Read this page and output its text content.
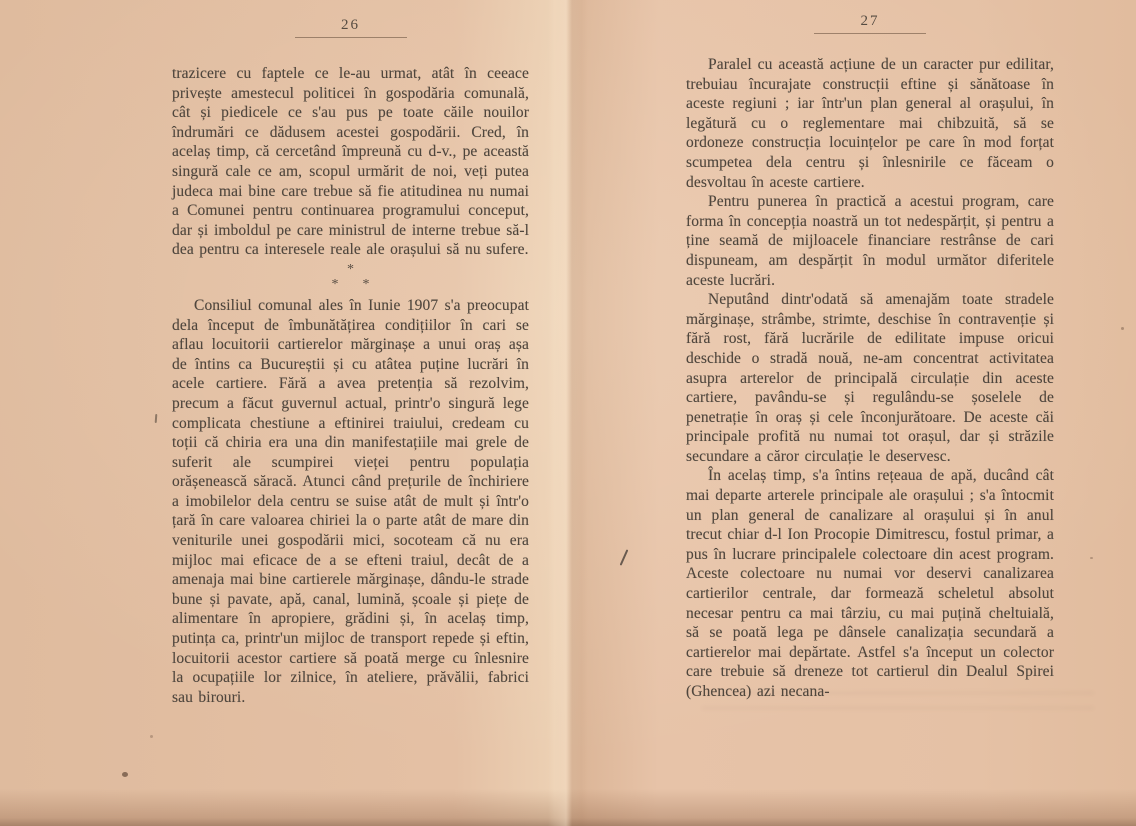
26

trazicere cu faptele ce le-au urmat, atât în ceeace privește amestecul politicei în gospodăria comunală, cât și piedicele ce s'au pus pe toate căile nouilor îndrumări ce dădusem acestei gospodării. Cred, în acelaș timp, că cercetând împreună cu d-v., pe această singură cale ce am, scopul urmărit de noi, veți putea judeca mai bine care trebue să fie atitudinea nu numai a Comunei pentru continuarea programului conceput, dar și imboldul pe care ministrul de interne trebue să-l dea pentru ca interesele reale ale orașului să nu sufere.

*
* *

Consiliul comunal ales în Iunie 1907 s'a preocupat dela început de îmbunătățirea condițiilor în cari se aflau locuitorii cartierelor mărginașe a unui oraș așa de întins ca Bucureștii și cu atâtea puține lucrări în acele cartiere. Fără a avea pretenția să rezolvim, precum a făcut guvernul actual, printr'o singură lege complicata chestiune a eftinirei traiului, credeam cu toții că chiria era una din manifestațiile mai grele de suferit ale scumpirei vieței pentru populația orășenească săracă. Atunci când prețurile de închiriere a imobilelor dela centru se suise atât de mult și într'o țară în care valoarea chiriei la o parte atât de mare din veniturile unei gospodării mici, socoteam că nu era mijloc mai eficace de a se efteni traiul, decât de a amenaja mai bine cartierele mărginașe, dându-le strade bune și pavate, apă, canal, lumină, școale și piețe de alimentare în apropiere, grădini și, în acelaș timp, putința ca, printr'un mijloc de transport repede și eftin, locuitorii acestor cartiere să poată merge cu înlesnire la ocupațiile lor zilnice, în ateliere, prăvălii, fabrici sau birouri.

27

Paralel cu această acțiune de un caracter pur edilitar, trebuiau încurajate construcții eftine și sănătoase în aceste regiuni ; iar într'un plan general al orașului, în legătură cu o reglementare mai chibzuită, să se ordoneze construcția locuințelor pe care în mod forțat scumpetea dela centru și înlesnirile ce făceam o desvoltau în aceste cartiere.

Pentru punerea în practică a acestui program, care forma în concepția noastră un tot nedespărțit, și pentru a ține seamă de mijloacele financiare restrânse de cari dispuneam, am despărțit în modul următor diferitele aceste lucrări.

Neputând dintr'odată să amenajăm toate stradele mărginașe, strâmbe, strimte, deschise în contravenție și fără rost, fără lucrările de edilitate impuse oricui deschide o stradă nouă, ne-am concentrat activitatea asupra arterelor de principală circulație din aceste cartiere, pavându-se și regulându-se șoselele de penetrație în oraș și cele înconjurătoare. De aceste căi principale profită nu numai tot orașul, dar și străzile secundare a căror circulație le deservesc.

În acelaș timp, s'a întins rețeaua de apă, ducând cât mai departe arterele principale ale orașului ; s'a întocmit un plan general de canalizare al orașului și în anul trecut chiar d-l Ion Procopie Dimitrescu, fostul primar, a pus în lucrare principalele colectoare din acest program. Aceste colectoare nu numai vor deservi canalizarea cartierilor centrale, dar formează scheletul absolut necesar pentru ca mai târziu, cu mai puțină cheltuială, să se poată lega pe dânsele canalizația secundară a cartierelor mai depărtate. Astfel s'a început un colector care trebuie să dreneze tot cartierul din Dealul Spirei (Ghencea) azi necana-
